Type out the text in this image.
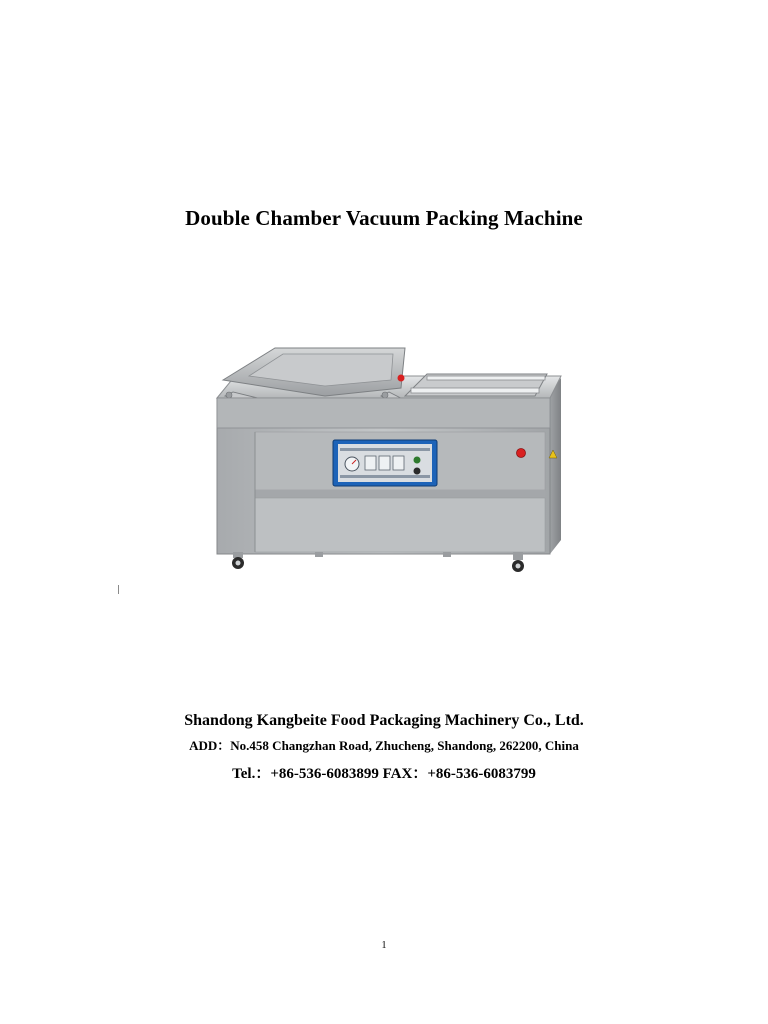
Double Chamber Vacuum Packing Machine
Shandong Kangbeite Food Packaging Machinery Co., Ltd.
ADD：No.458 Changzhan Road, Zhucheng, Shandong, 262200, China
Tel.：+86-536-6083899 FAX：+86-536-6083799
1
